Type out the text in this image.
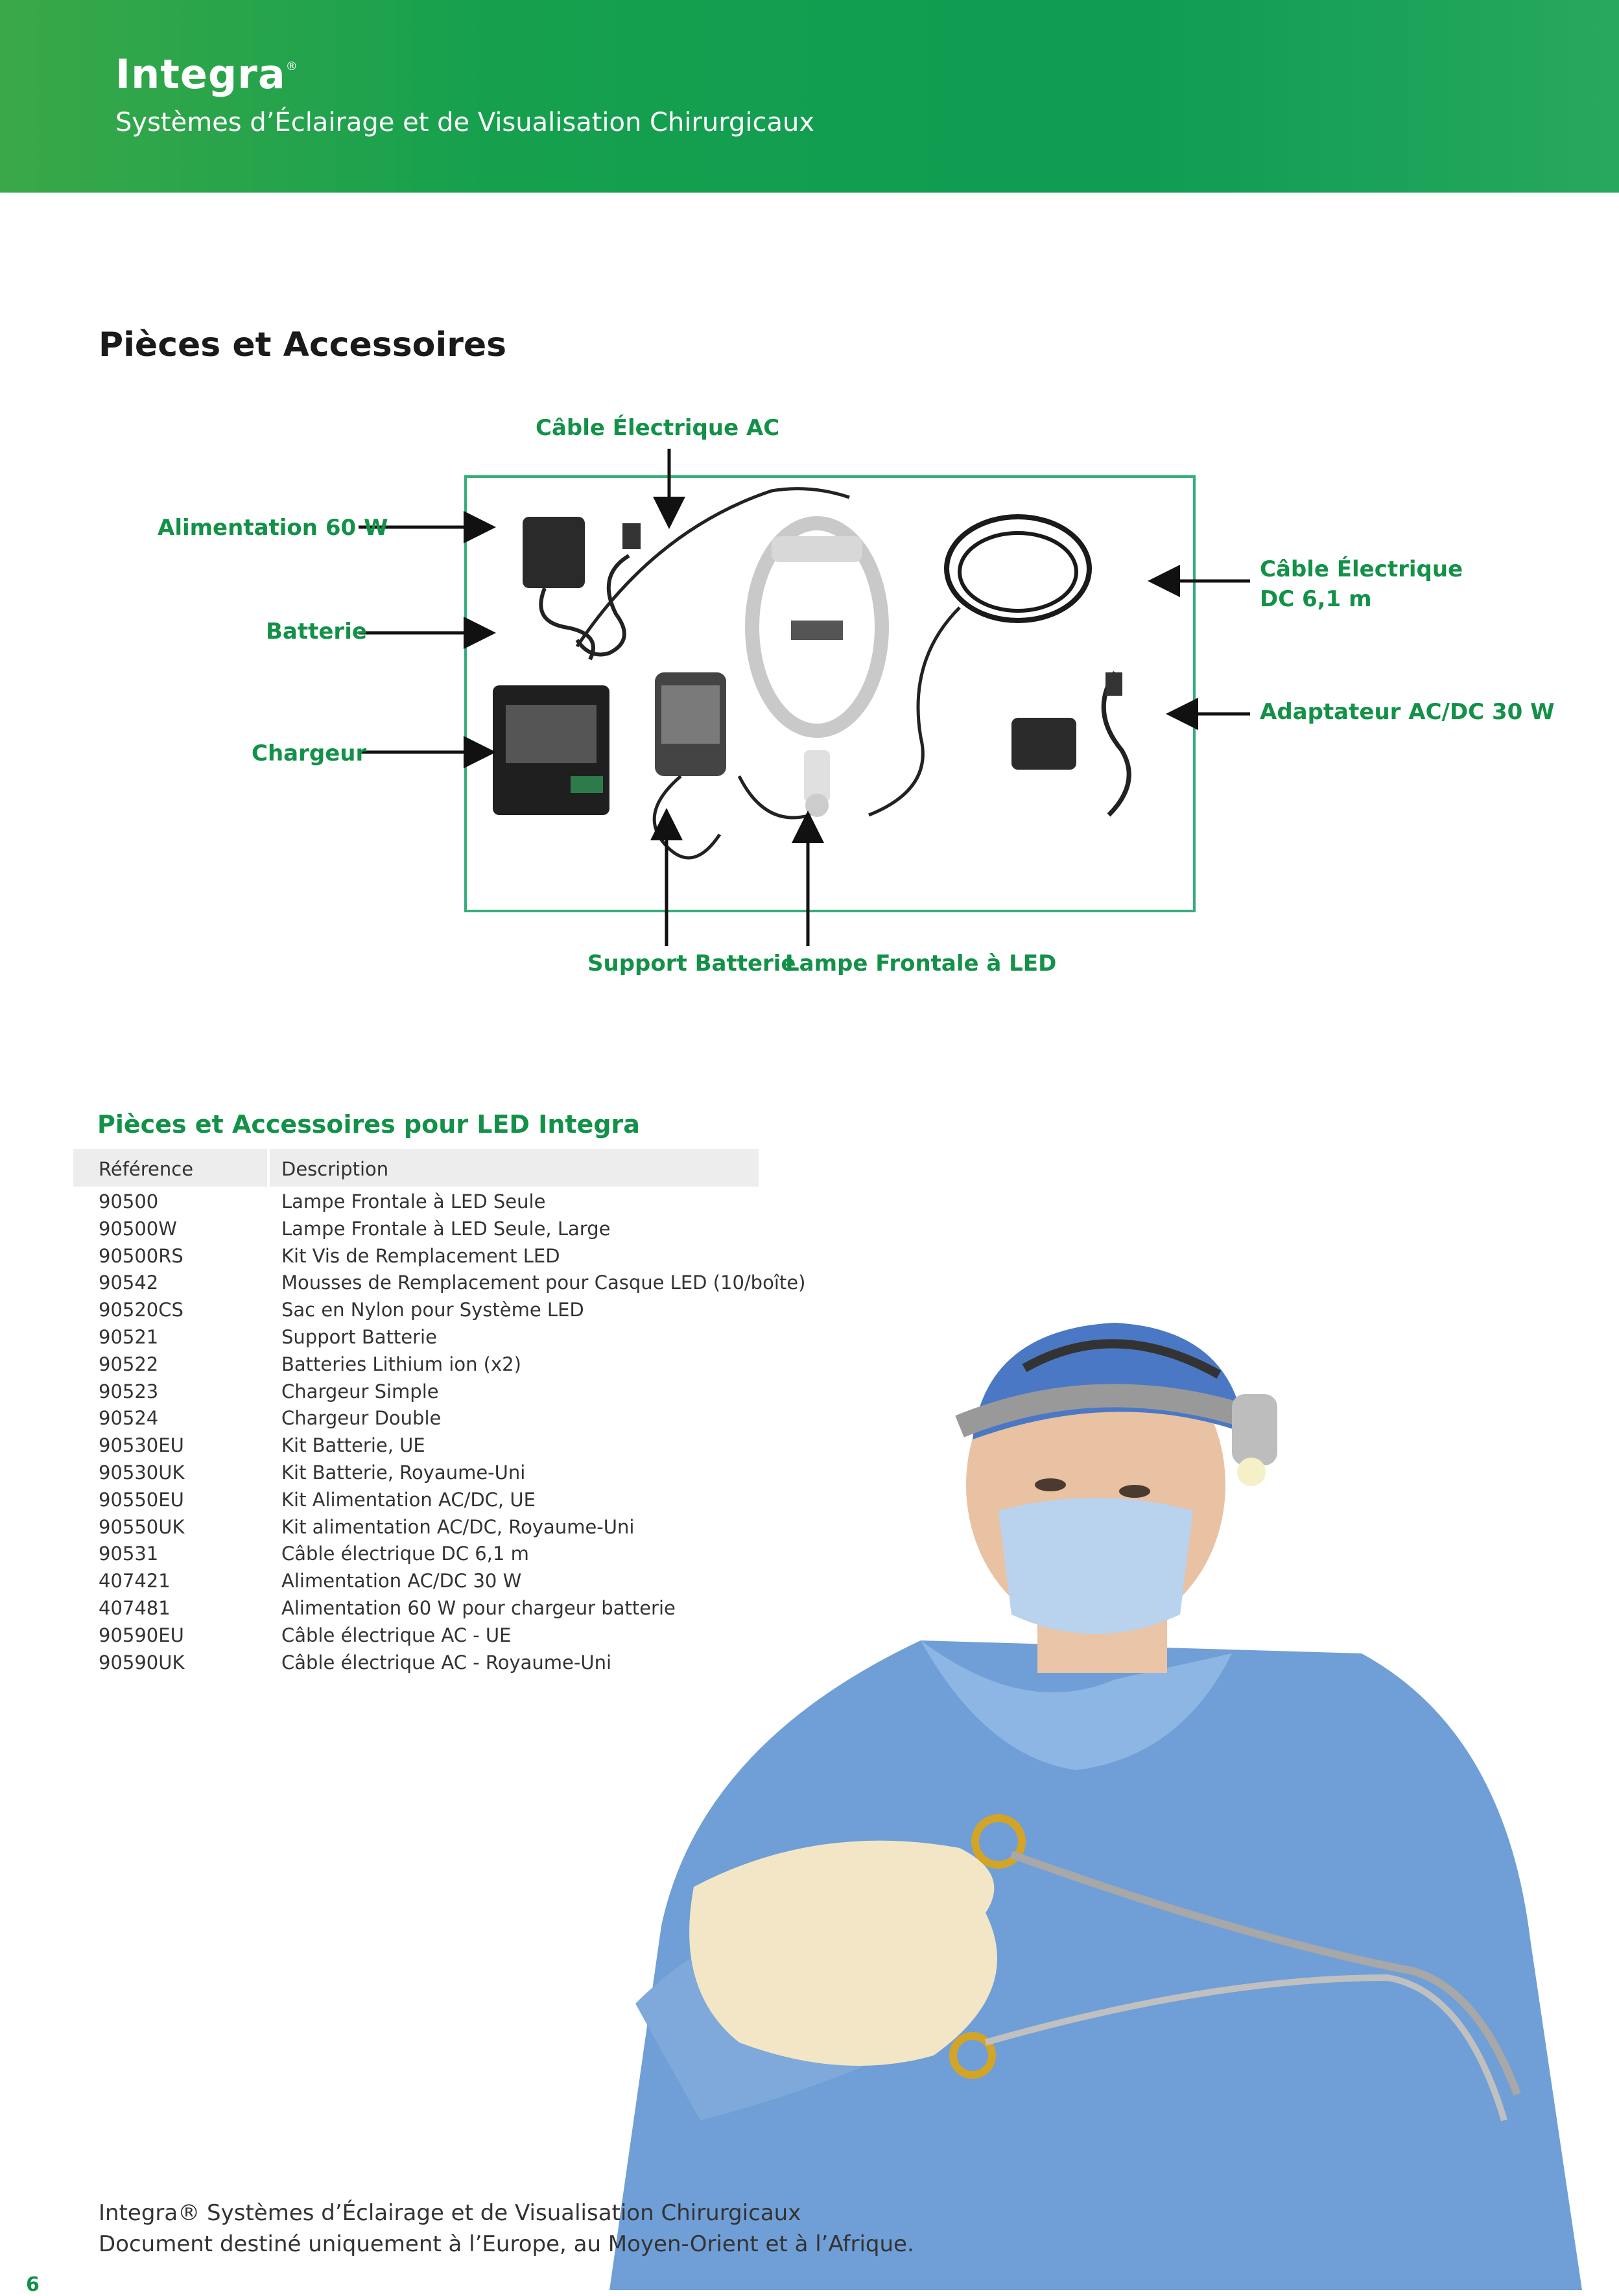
Integra®
Systèmes d’Éclairage et de Visualisation Chirurgicaux
Pièces et Accessoires
Câble Électrique AC
Alimentation 60 W
Batterie
Chargeur
Câble Électrique
DC 6,1 m
Adaptateur AC/DC 30 W
Support Batterie
Lampe Frontale à LED
Pièces et Accessoires pour LED Integra
Référence	Description
90500	Lampe Frontale à LED Seule
90500W	Lampe Frontale à LED Seule, Large
90500RS	Kit Vis de Remplacement LED
90542	Mousses de Remplacement pour Casque LED (10/boîte)
90520CS	Sac en Nylon pour Système LED
90521	Support Batterie
90522	Batteries Lithium ion (x2)
90523	Chargeur Simple
90524	Chargeur Double
90530EU	Kit Batterie, UE
90530UK	Kit Batterie, Royaume-Uni
90550EU	Kit Alimentation AC/DC, UE
90550UK	Kit alimentation AC/DC, Royaume-Uni
90531	Câble électrique DC 6,1 m
407421	Alimentation AC/DC 30 W
407481	Alimentation 60 W pour chargeur batterie
90590EU	Câble électrique AC - UE
90590UK	Câble électrique AC - Royaume-Uni
Integra® Systèmes d’Éclairage et de Visualisation Chirurgicaux
Document destiné uniquement à l’Europe, au Moyen-Orient et à l’Afrique.
6
